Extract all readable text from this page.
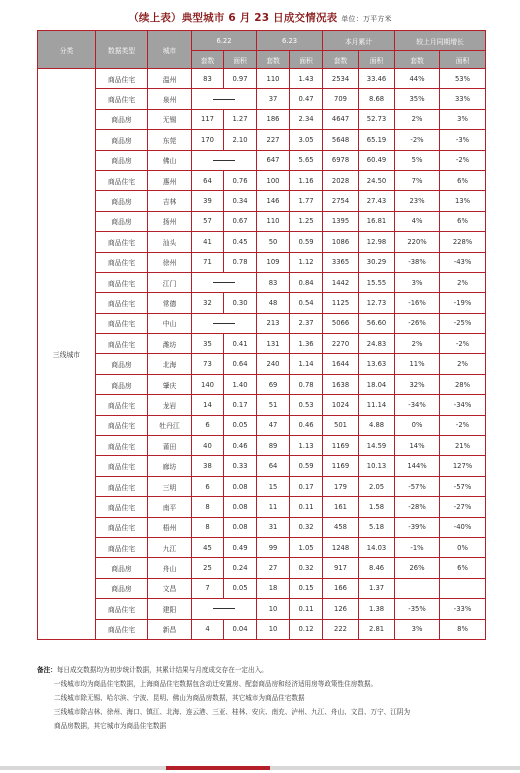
（续上表）典型城市 6 月 23 日成交情况表 单位：万平方米
分类	数据类型	城市	6.22		6.23		本月累计		较上月同期增长	
			套数	面积	套数	面积	套数	面积	套数	面积
三线城市	商品住宅	温州	83	0.97	110	1.43	2534	33.46	44%	53%
	商品住宅	泉州			37	0.47	709	8.68	35%	33%
	商品房	无锡	117	1.27	186	2.34	4647	52.73	2%	3%
	商品房	东莞	170	2.10	227	3.05	5648	65.19	-2%	-3%
	商品房	佛山			647	5.65	6978	60.49	5%	-2%
	商品住宅	惠州	64	0.76	100	1.16	2028	24.50	7%	6%
	商品房	吉林	39	0.34	146	1.77	2754	27.43	23%	13%
	商品房	扬州	57	0.67	110	1.25	1395	16.81	4%	6%
	商品住宅	汕头	41	0.45	50	0.59	1086	12.98	220%	228%
	商品住宅	徐州	71	0.78	109	1.12	3365	30.29	-38%	-43%
	商品住宅	江门			83	0.84	1442	15.55	3%	2%
	商品住宅	常德	32	0.30	48	0.54	1125	12.73	-16%	-19%
	商品住宅	中山			213	2.37	5066	56.60	-26%	-25%
	商品住宅	潍坊	35	0.41	131	1.36	2270	24.83	2%	-2%
	商品房	北海	73	0.64	240	1.14	1644	13.63	11%	2%
	商品房	肇庆	140	1.40	69	0.78	1638	18.04	32%	28%
	商品住宅	龙岩	14	0.17	51	0.53	1024	11.14	-34%	-34%
	商品住宅	牡丹江	6	0.05	47	0.46	501	4.88	0%	-2%
	商品住宅	莆田	40	0.46	89	1.13	1169	14.59	14%	21%
	商品住宅	廊坊	38	0.33	64	0.59	1169	10.13	144%	127%
	商品住宅	三明	6	0.08	15	0.17	179	2.05	-57%	-57%
	商品住宅	南平	8	0.08	11	0.11	161	1.58	-28%	-27%
	商品住宅	梧州	8	0.08	31	0.32	458	5.18	-39%	-40%
	商品住宅	九江	45	0.49	99	1.05	1248	14.03	-1%	0%
	商品房	舟山	25	0.24	27	0.32	917	8.46	26%	6%
	商品房	文昌	7	0.05	18	0.15	166	1.37		
	商品住宅	建阳			10	0.11	126	1.38	-35%	-33%
	商品住宅	新昌	4	0.04	10	0.12	222	2.81	3%	8%
备注：每日成交数据均为初步统计数据，其累计结果与月度成交存在一定出入。
一线城市均为商品住宅数据，上海商品住宅数据包含动迁安置房、配套商品房和经济适用房等政策性住房数据。
二线城市除无锡、哈尔滨、宁波、昆明、佛山为商品房数据，其它城市为商品住宅数据
三线城市除吉林、徐州、海口、镇江、北海、连云港、三亚、桂林、安庆、南充、泸州、九江、舟山、文昌、万宁、江阴为
商品房数据，其它城市为商品住宅数据
